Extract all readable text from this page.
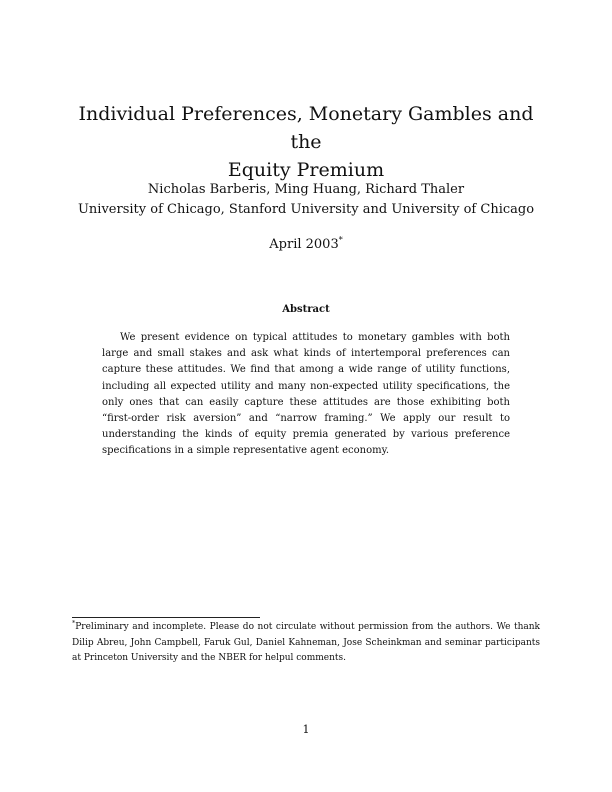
Individual Preferences, Monetary Gambles and the
Equity Premium
Nicholas Barberis, Ming Huang, Richard Thaler
University of Chicago, Stanford University and University of Chicago
April 2003*
Abstract

We present evidence on typical attitudes to monetary gambles with both large and small stakes and ask what kinds of intertemporal preferences can capture these attitudes. We find that among a wide range of utility functions, including all expected utility and many non-expected utility specifications, the only ones that can easily capture these attitudes are those exhibiting both “first-order risk aversion” and “narrow framing.” We apply our result to understanding the kinds of equity premia generated by various preference specifications in a simple representative agent economy.

*Preliminary and incomplete. Please do not circulate without permission from the authors. We thank Dilip Abreu, John Campbell, Faruk Gul, Daniel Kahneman, Jose Scheinkman and seminar participants at Princeton University and the NBER for helpul comments.

1
